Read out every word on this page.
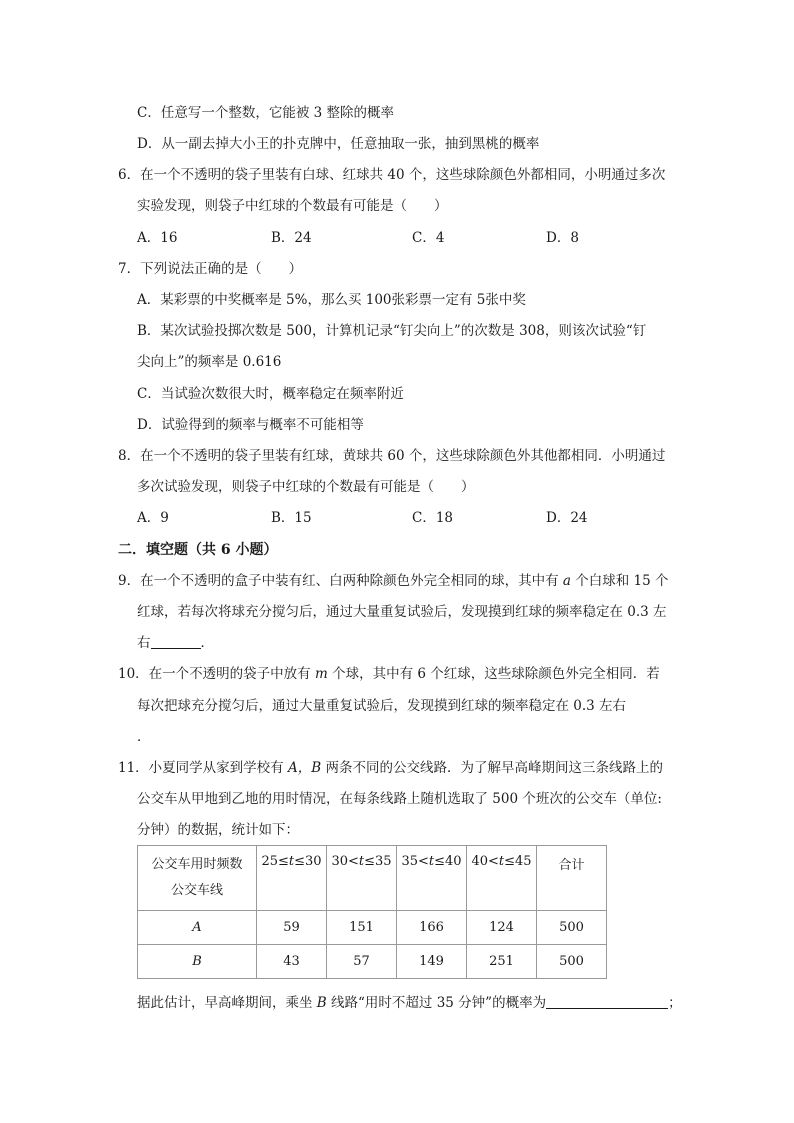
C．任意写一个整数，它能被 3 整除的概率
D．从一副去掉大小王的扑克牌中，任意抽取一张，抽到黑桃的概率
6．在一个不透明的袋子里装有白球、红球共 40 个，这些球除颜色外都相同，小明通过多次
实验发现，则袋子中红球的个数最有可能是（　　）
A．16	B．24	C．4	D．8
7．下列说法正确的是（　　）
A．某彩票的中奖概率是 5%，那么买 100张彩票一定有 5张中奖
B．某次试验投掷次数是 500，计算机记录“钉尖向上”的次数是 308，则该次试验“钉
尖向上”的频率是 0.616
C．当试验次数很大时，概率稳定在频率附近
D．试验得到的频率与概率不可能相等
8．在一个不透明的袋子里装有红球，黄球共 60 个，这些球除颜色外其他都相同．小明通过
多次试验发现，则袋子中红球的个数最有可能是（　　）
A．9	B．15	C．18	D．24
二．填空题（共 6 小题）
9．在一个不透明的盒子中装有红、白两种除颜色外完全相同的球，其中有 a 个白球和 15 个
红球，若每次将球充分搅匀后，通过大量重复试验后，发现摸到红球的频率稳定在 0.3 左
右	．
10．在一个不透明的袋子中放有 m 个球，其中有 6 个红球，这些球除颜色外完全相同．若
每次把球充分搅匀后，通过大量重复试验后，发现摸到红球的频率稳定在 0.3 左右
．
11．小夏同学从家到学校有 A，B 两条不同的公交线路．为了解早高峰期间这三条线路上的
公交车从甲地到乙地的用时情况，在每条线路上随机选取了 500 个班次的公交车（单位:
分钟）的数据，统计如下：
公交车用时频数
公交车线	25≤t≤30	30<t≤35	35<t≤40	40<t≤45	合计
A	59	151	166	124	500
B	43	57	149	251	500
据此估计，早高峰期间，乘坐 B 线路“用时不超过 35 分钟”的概率为	；
